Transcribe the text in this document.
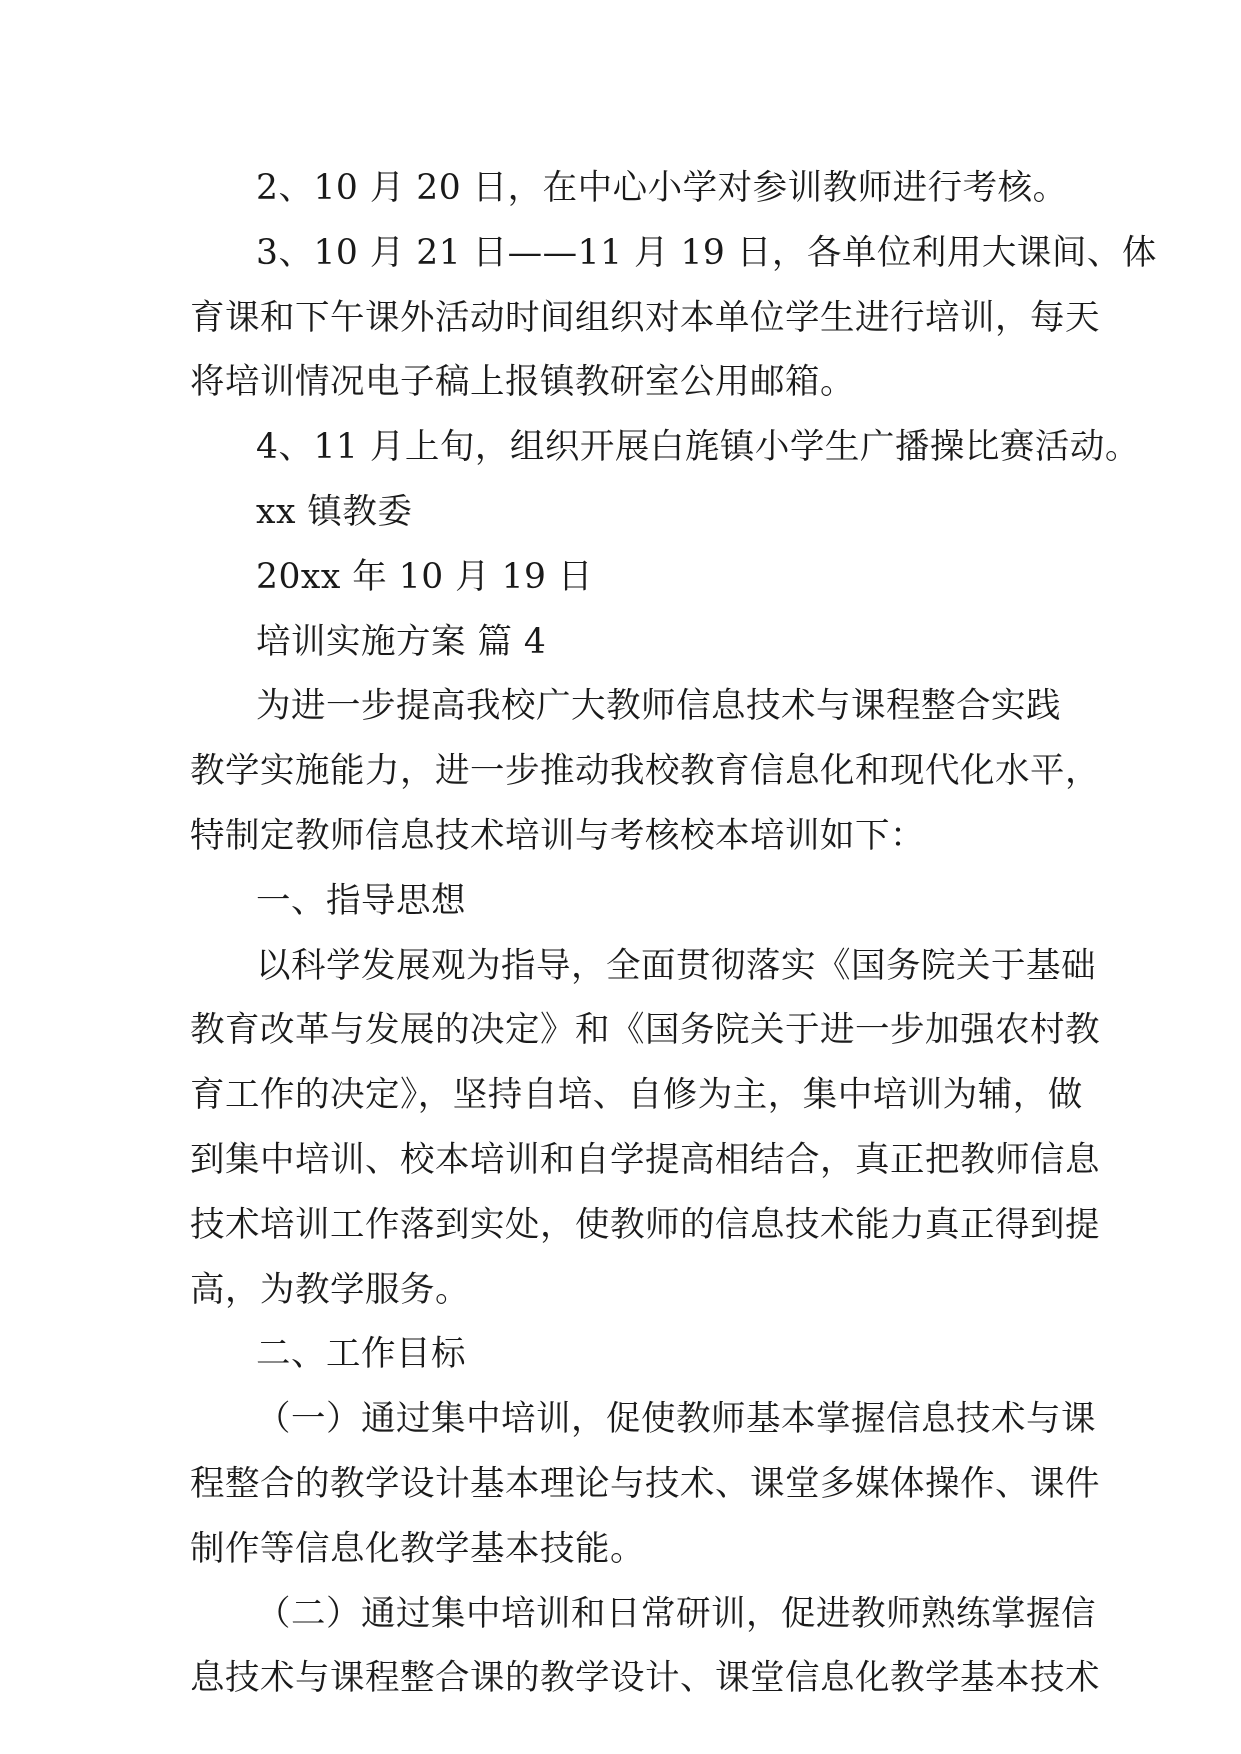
2、10 月 20 日，在中心小学对参训教师进行考核。
3、10 月 21 日——11 月 19 日，各单位利用大课间、体
育课和下午课外活动时间组织对本单位学生进行培训，每天
将培训情况电子稿上报镇教研室公用邮箱。
4、11 月上旬，组织开展白旄镇小学生广播操比赛活动。
xx 镇教委
20xx 年 10 月 19 日
培训实施方案 篇 4
为进一步提高我校广大教师信息技术与课程整合实践
教学实施能力，进一步推动我校教育信息化和现代化水平，
特制定教师信息技术培训与考核校本培训如下：
一、指导思想
以科学发展观为指导，全面贯彻落实《国务院关于基础
教育改革与发展的决定》和《国务院关于进一步加强农村教
育工作的决定》，坚持自培、自修为主，集中培训为辅，做
到集中培训、校本培训和自学提高相结合，真正把教师信息
技术培训工作落到实处，使教师的信息技术能力真正得到提
高，为教学服务。
二、工作目标
（一）通过集中培训，促使教师基本掌握信息技术与课
程整合的教学设计基本理论与技术、课堂多媒体操作、课件
制作等信息化教学基本技能。
（二）通过集中培训和日常研训，促进教师熟练掌握信
息技术与课程整合课的教学设计、课堂信息化教学基本技术
